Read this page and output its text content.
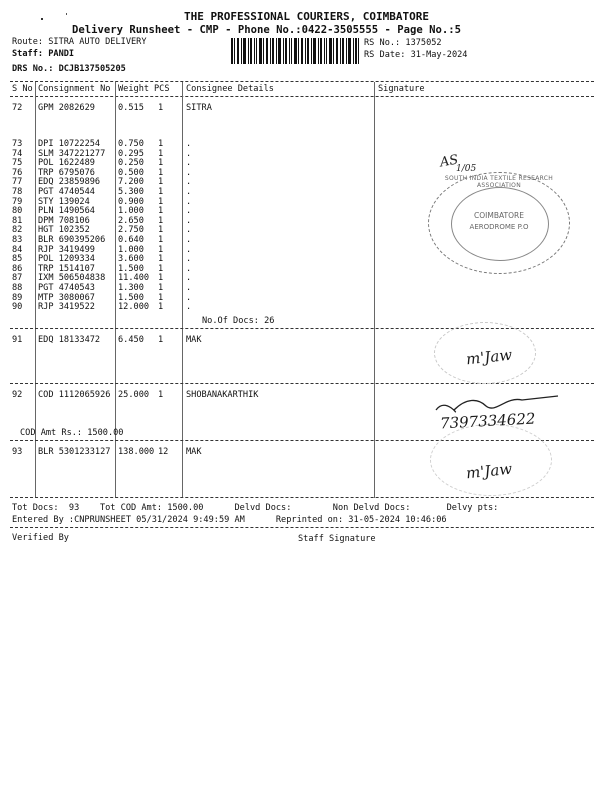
THE PROFESSIONAL COURIERS, COIMBATORE
Delivery Runsheet - CMP - Phone No.:0422-3505555 - Page No.:5
Route: SITRA AUTO DELIVERY
Staff: PANDI
DRS No.: DCJB137505205
RS No.: 1375052
RS Date: 31-May-2024
S No Consignment No Weight PCS Consignee Details	Signature
72 GPM 2082629	0.515 1	SITRA
73 DPI 10722254 0.750 1	.
74 SLM 347221277 0.295 1	.
75 POL 1622489	0.250 1	.
76 TRP 6795076	0.500 1	.
77 EDQ 23859896 7.200 1	.
78 PGT 4740544	5.300 1	.
79 STY 139024	0.900 1	.
80 PLN 1490564	1.000 1	.
81 DPM 708106	2.650 1	.
82 HGT 102352	2.750 1	.
83 BLR 690395206 0.640 1	.
84 RJP 3419499	1.000 1	.
85 POL 1209334	3.600 1	.
86 TRP 1514107	1.500 1	.
87 IXM 506504838 11.400 1	.
88 PGT 4740543	1.300 1	.
89 MTP 3080067	1.500 1	.
90 RJP 3419522	12.000 1	.
No.Of Docs: 26
91 EDQ 18133472 6.450 1	MAK
92 COD 1112065926 25.000 1	SHOBANAKARTHIK
COD Amt Rs.: 1500.00
93 BLR 5301233127 138.000 12 MAK
Tot Docs:  93    Tot COD Amt: 1500.00      Delvd Docs:        Non Delvd Docs:       Delvy pts:
Entered By :CNPRUNSHEET 05/31/2024 9:49:59 AM      Reprinted on: 31-05-2024 10:46:06
Verified By	Staff Signature
SOUTH INDIA TEXTILE RESEARCH ASSOCIATION
COIMBATORE
AERODROME P.O
AS
1/05
m'Jaw
7397334622
m'Jaw
